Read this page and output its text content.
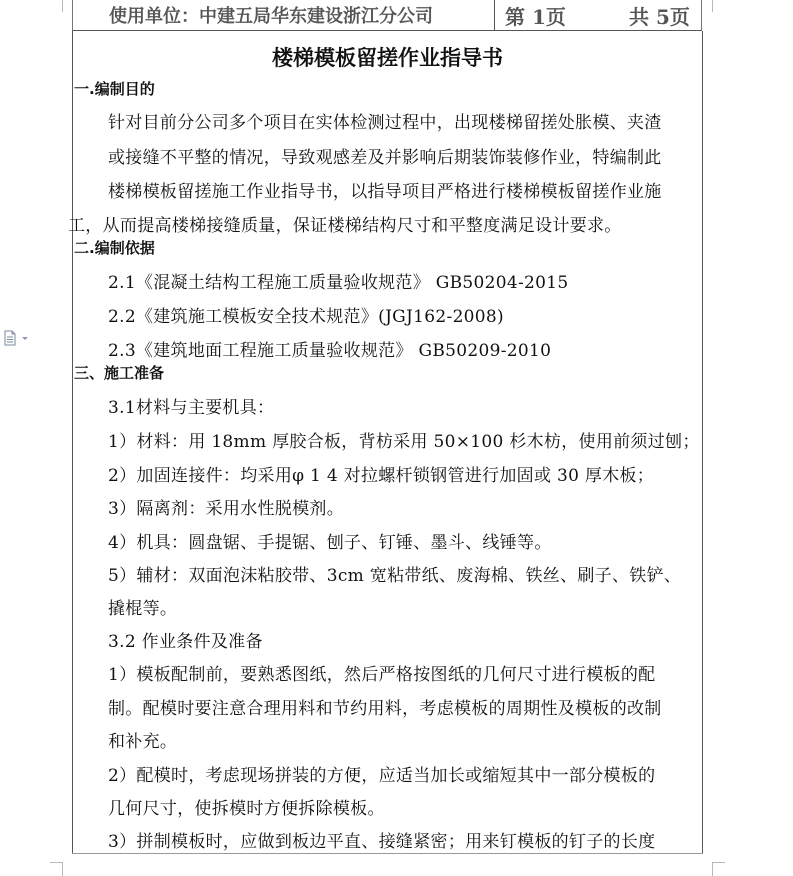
使用单位：中建五局华东建设浙江分公司	第 1页	共 5页
楼梯模板留搓作业指导书
一.编制目的
针对目前分公司多个项目在实体检测过程中，出现楼梯留搓处胀模、夹渣
或接缝不平整的情况，导致观感差及并影响后期装饰装修作业，特编制此
楼梯模板留搓施工作业指导书，以指导项目严格进行楼梯模板留搓作业施
工，从而提高楼梯接缝质量，保证楼梯结构尺寸和平整度满足设计要求。
二.编制依据
2.1《混凝土结构工程施工质量验收规范》 GB50204-2015
2.2《建筑施工模板安全技术规范》(JGJ162-2008)
2.3《建筑地面工程施工质量验收规范》 GB50209-2010
三、施工准备
3.1材料与主要机具：
1）材料：用 18mm 厚胶合板，背枋采用 50×100 杉木枋，使用前须过刨；
2）加固连接件：均采用φ 1 4 对拉螺杆锁钢管进行加固或 30 厚木板；
3）隔离剂：采用水性脱模剂。
4）机具：圆盘锯、手提锯、刨子、钉锤、墨斗、线锤等。
5）辅材：双面泡沫粘胶带、3cm 宽粘带纸、废海棉、铁丝、刷子、铁铲、
撬棍等。
3.2 作业条件及准备
1）模板配制前，要熟悉图纸，然后严格按图纸的几何尺寸进行模板的配
制。配模时要注意合理用料和节约用料，考虑模板的周期性及模板的改制
和补充。
2）配模时，考虑现场拼装的方便，应适当加长或缩短其中一部分模板的
几何尺寸，使拆模时方便拆除模板。
3）拼制模板时，应做到板边平直、接缝紧密；用来钉模板的钉子的长度
